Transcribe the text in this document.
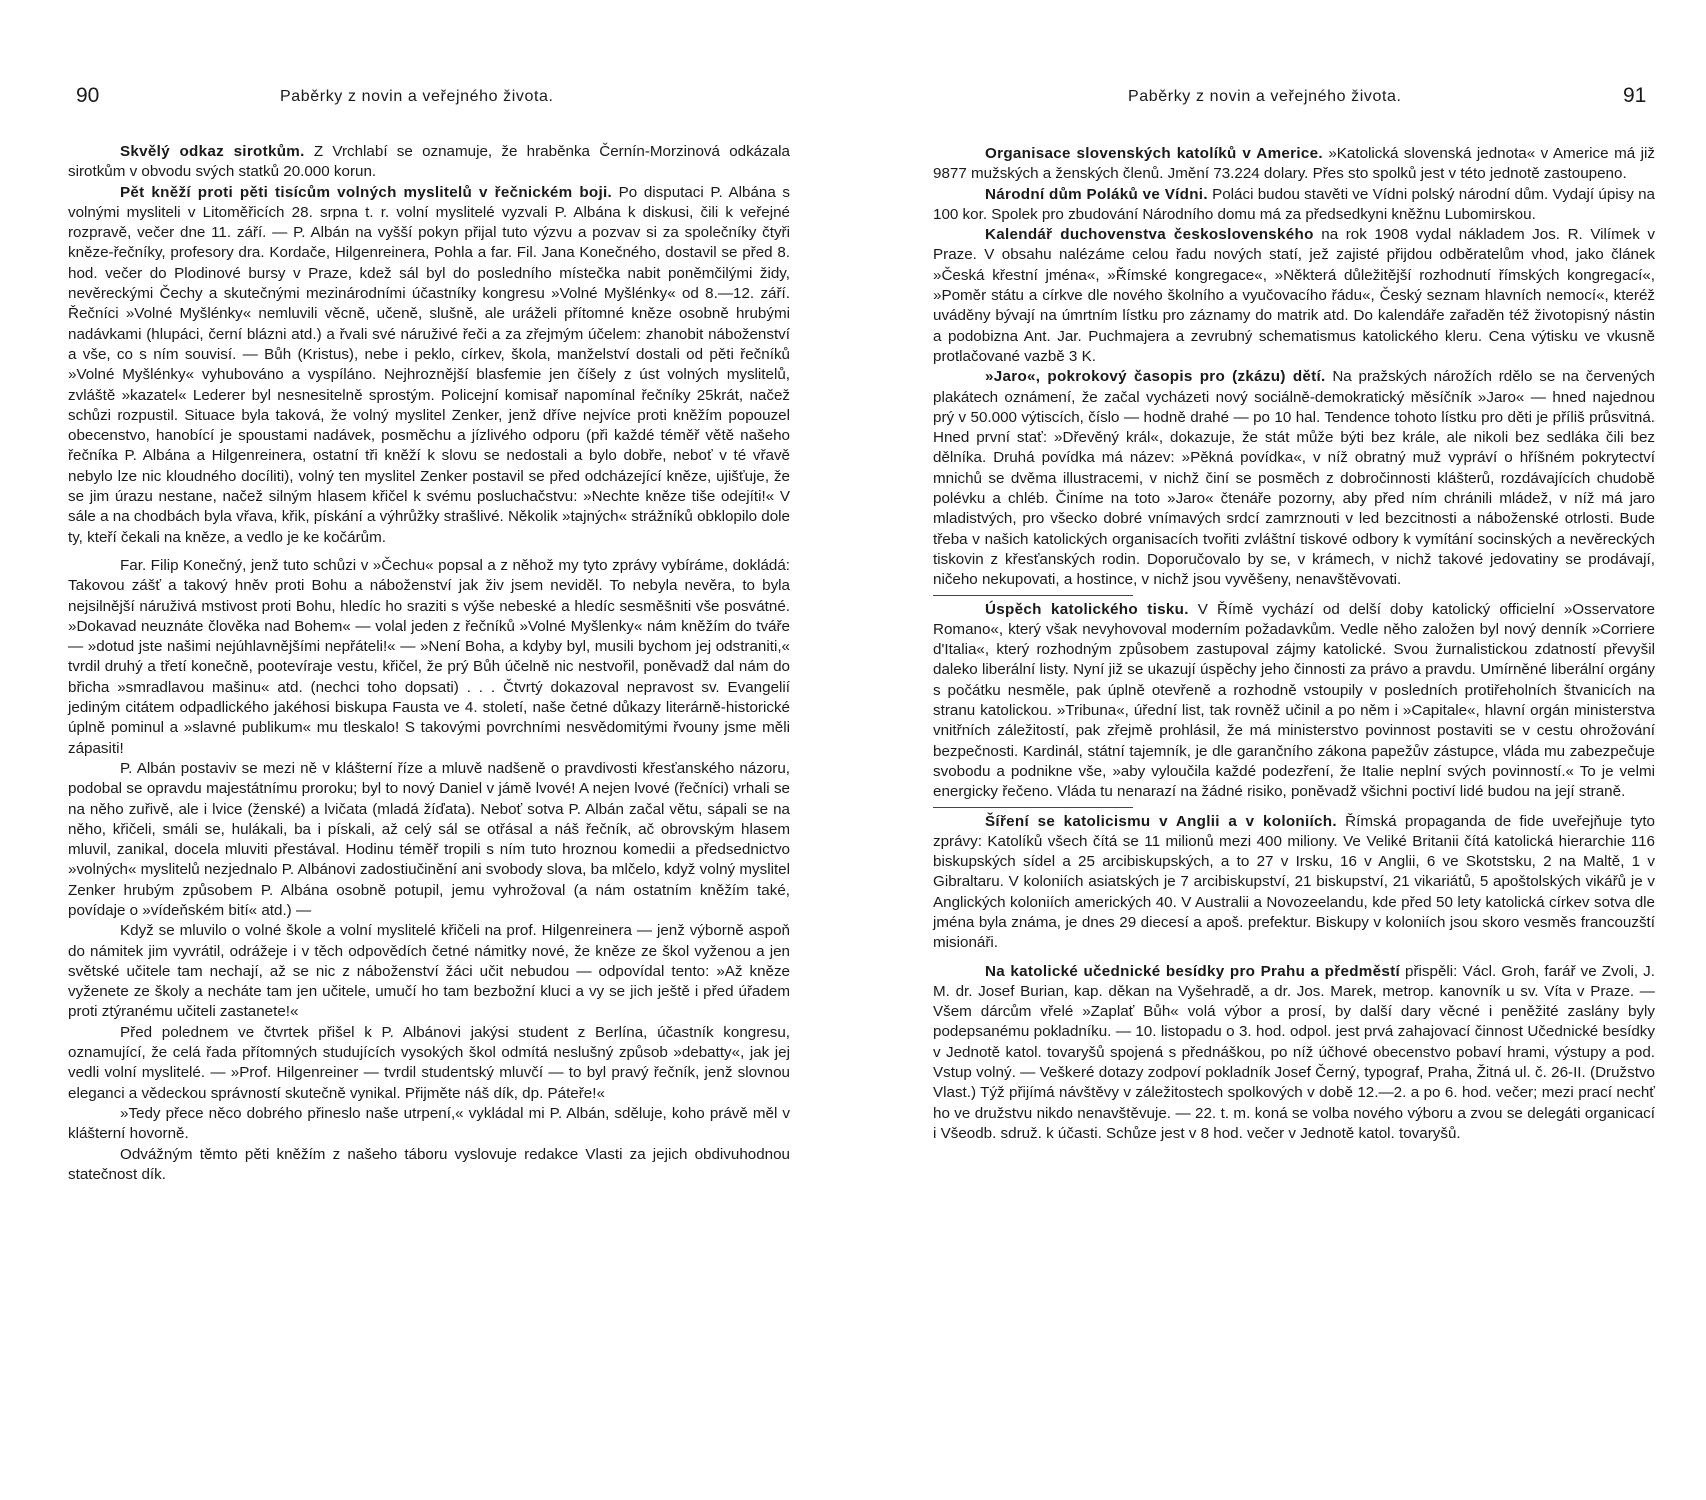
90	Paběrky z novin a veřejného života.

Skvělý odkaz sirotkům. Z Vrchlabí se oznamuje, že hraběnka Černín-Morzinová odkázala sirotkům v obvodu svých statků 20.000 korun.

Pět kněží proti pěti tisícům volných myslitelů v řečnickém boji. Po disputaci P. Albána s volnými mysliteli v Litoměřicích 28. srpna t. r. volní myslitelé vyzvali P. Albána k diskusi, čili k veřejné rozpravě, večer dne 11. září. — P. Albán na vyšší pokyn přijal tuto výzvu a pozvav si za společníky čtyři kněze-řečníky, profesory dra. Kordače, Hilgenreinera, Pohla a far. Fil. Jana Konečného, dostavil se před 8. hod. večer do Plodinové bursy v Praze, kdež sál byl do posledního místečka nabit poněmčilými židy, nevěreckými Čechy a skutečnými mezinárodními účastníky kongresu »Volné Myšlénky« od 8.—12. září. Řečníci »Volné Myšlénky« nemluvili věcně, učeně, slušně, ale uráželi přítomné kněze osobně hrubými nadávkami (hlupáci, černí blázni atd.) a řvali své náruživé řeči a za zřejmým účelem: zhanobit náboženství a vše, co s ním souvisí. — Bůh (Kristus), nebe i peklo, církev, škola, manželství dostali od pěti řečníků »Volné Myšlénky« vyhubováno a vyspíláno. Nejhroznější blasfemie jen číšely z úst volných myslitelů, zvláště »kazatel« Lederer byl nesnesitelně sprostým. Policejní komisař napomínal řečníky 25krát, načež schůzi rozpustil. Situace byla taková, že volný myslitel Zenker, jenž dříve nejvíce proti kněžím popouzel obecenstvo, hanobící je spoustami nadávek, posměchu a jízlivého odporu (při každé téměř větě našeho řečníka P. Albána a Hilgenreinera, ostatní tři kněží k slovu se nedostali a bylo dobře, neboť v té vřavě nebylo lze nic kloudného docíliti), volný ten myslitel Zenker postavil se před odcházející kněze, ujišťuje, že se jim úrazu nestane, načež silným hlasem křičel k svému posluchačstvu: »Nechte kněze tiše odejíti!« V sále a na chodbách byla vřava, křik, pískání a výhrůžky strašlivé. Několik »tajných« strážníků obklopilo dole ty, kteří čekali na kněze, a vedlo je ke kočárům.

Far. Filip Konečný, jenž tuto schůzi v »Čechu« popsal a z něhož my tyto zprávy vybíráme, dokládá: Takovou zášť a takový hněv proti Bohu a náboženství jak živ jsem neviděl. To nebyla nevěra, to byla nejsilnější náruživá mstivost proti Bohu, hledíc ho sraziti s výše nebeské a hledíc sesměšniti vše posvátné. »Dokavad neuznáte člověka nad Bohem« — volal jeden z řečníků »Volné Myšlenky« nám kněžím do tváře — »dotud jste našimi nejúhlavnějšími nepřáteli!« — »Není Boha, a kdyby byl, musili bychom jej odstraniti,« tvrdil druhý a třetí konečně, pootevíraje vestu, křičel, že prý Bůh účelně nic nestvořil, poněvadž dal nám do břicha »smradlavou mašinu« atd. (nechci toho dopsati) . . . Čtvrtý dokazoval nepravost sv. Evangelií jediným citátem odpadlického jakéhosi biskupa Fausta ve 4. století, naše četné důkazy literárně-historické úplně pominul a »slavné publikum« mu tleskalo! S takovými povrchními nesvědomitými řvouny jsme měli zápasiti!

P. Albán postaviv se mezi ně v klášterní říze a mluvě nadšeně o pravdivosti křesťanského názoru, podobal se opravdu majestátnímu proroku; byl to nový Daniel v jámě lvové! A nejen lvové (řečníci) vrhali se na něho zuřivě, ale i lvice (ženské) a lvičata (mladá žíďata). Neboť sotva P. Albán začal větu, sápali se na něho, křičeli, smáli se, hulákali, ba i pískali, až celý sál se otřásal a náš řečník, ač obrovským hlasem mluvil, zanikal, docela mluviti přestával. Hodinu téměř tropili s ním tuto hroznou komedii a předsednictvo »volných« myslitelů nezjednalo P. Albánovi zadostiučinění ani svobody slova, ba mlčelo, když volný myslitel Zenker hrubým způsobem P. Albána osobně potupil, jemu vyhrožoval (a nám ostatním kněžím také, povídaje o »vídeňském bití« atd.) —

Když se mluvilo o volné škole a volní myslitelé křičeli na prof. Hilgenreinera — jenž výborně aspoň do námitek jim vyvrátil, odrážeje i v těch odpovědích četné námitky nové, že kněze ze škol vyženou a jen světské učitele tam nechají, až se nic z náboženství žáci učit nebudou — odpovídal tento: »Až kněze vyženete ze školy a necháte tam jen učitele, umučí ho tam bezbožní kluci a vy se jich ještě i před úřadem proti ztýranému učiteli zastanete!«

Před polednem ve čtvrtek přišel k P. Albánovi jakýsi student z Berlína, účastník kongresu, oznamující, že celá řada přítomných studujících vysokých škol odmítá neslušný způsob »debatty«, jak jej vedli volní myslitelé. — »Prof. Hilgenreiner — tvrdil studentský mluvčí — to byl pravý řečník, jenž slovnou eleganci a vědeckou správností skutečně vynikal. Přijměte náš dík, dp. Páteře!«

»Tedy přece něco dobrého přineslo naše utrpení,« vykládal mi P. Albán, sděluje, koho právě měl v klášterní hovorně.

Odvážným těmto pěti kněžím z našeho táboru vyslovuje redakce Vlasti za jejich obdivuhodnou statečnost dík.

Paběrky z novin a veřejného života.	91

Organisace slovenských katolíků v Americe. »Katolická slovenská jednota« v Americe má již 9877 mužských a ženských členů. Jmění 73.224 dolary. Přes sto spolků jest v této jednotě zastoupeno.

Národní dům Poláků ve Vídni. Poláci budou stavěti ve Vídni polský národní dům. Vydají úpisy na 100 kor. Spolek pro zbudování Národního domu má za předsedkyni kněžnu Lubomirskou.

Kalendář duchovenstva československého na rok 1908 vydal nákladem Jos. R. Vilímek v Praze. V obsahu nalézáme celou řadu nových statí, jež zajisté přijdou odběratelům vhod, jako článek »Česká křestní jména«, »Římské kongregace«, »Některá důležitější rozhodnutí římských kongregací«, »Poměr státu a církve dle nového školního a vyučovacího řádu«, Český seznam hlavních nemocí«, kteréž uváděny bývají na úmrtním lístku pro záznamy do matrik atd. Do kalendáře zařaděn též životopisný nástin a podobizna Ant. Jar. Puchmajera a zevrubný schematismus katolického kleru. Cena výtisku ve vkusně protlačované vazbě 3 K.

»Jaro«, pokrokový časopis pro (zkázu) dětí. Na pražských nárožích rdělo se na červených plakátech oznámení, že začal vycházeti nový sociálně-demokratický měsíčník »Jaro« — hned najednou prý v 50.000 výtiscích, číslo — hodně drahé — po 10 hal. Tendence tohoto lístku pro děti je příliš průsvitná. Hned první stať: »Dřevěný král«, dokazuje, že stát může býti bez krále, ale nikoli bez sedláka čili bez dělníka. Druhá povídka má název: »Pěkná povídka«, v níž obratný muž vypráví o hříšném pokrytectví mnichů se dvěma illustracemi, v nichž činí se posměch z dobročinnosti klášterů, rozdávajících chudobě polévku a chléb. Činíme na toto »Jaro« čtenáře pozorny, aby před ním chránili mládež, v níž má jaro mladistvých, pro všecko dobré vnímavých srdcí zamrznouti v led bezcitnosti a náboženské otrlosti. Bude třeba v našich katolických organisacích tvořiti zvláštní tiskové odbory k vymítání socinských a nevěreckých tiskovin z křesťanských rodin. Doporučovalo by se, v krámech, v nichž takové jedovatiny se prodávají, ničeho nekupovati, a hostince, v nichž jsou vyvěšeny, nenavštěvovati.

Úspěch katolického tisku. V Římě vychází od delší doby katolický officielní »Osservatore Romano«, který však nevyhovoval moderním požadavkům. Vedle něho založen byl nový denník »Corriere d'Italia«, který rozhodným způsobem zastupoval zájmy katolické. Svou žurnalistickou zdatností převyšil daleko liberální listy. Nyní již se ukazují úspěchy jeho činnosti za právo a pravdu. Umírněné liberální orgány s počátku nesměle, pak úplně otevřeně a rozhodně vstoupily v posledních protiřeholních štvanicích na stranu katolickou. »Tribuna«, úřední list, tak rovněž učinil a po něm i »Capitale«, hlavní orgán ministerstva vnitřních záležitostí, pak zřejmě prohlásil, že má ministerstvo povinnost postaviti se v cestu ohrožování bezpečnosti. Kardinál, státní tajemník, je dle garančního zákona papežův zástupce, vláda mu zabezpečuje svobodu a podnikne vše, »aby vyloučila každé podezření, že Italie neplní svých povinností.« To je velmi energicky řečeno. Vláda tu nenarazí na žádné risiko, poněvadž všichni poctiví lidé budou na její straně.

Šíření se katolicismu v Anglii a v koloniích. Římská propaganda de fide uveřejňuje tyto zprávy: Katolíků všech čítá se 11 milionů mezi 400 miliony. Ve Veliké Britanii čítá katolická hierarchie 116 biskupských sídel a 25 arcibiskupských, a to 27 v Irsku, 16 v Anglii, 6 ve Skotstsku, 2 na Maltě, 1 v Gibraltaru. V koloniích asiatských je 7 arcibiskupství, 21 biskupství, 21 vikariátů, 5 apoštolských vikářů je v Anglických koloniích amerických 40. V Australii a Novozeelandu, kde před 50 lety katolická církev sotva dle jména byla známa, je dnes 29 diecesí a apoš. prefektur. Biskupy v koloniích jsou skoro vesměs francouzští misionáři.

Na katolické učednické besídky pro Prahu a předměstí přispěli: Václ. Groh, farář ve Zvoli, J. M. dr. Josef Burian, kap. děkan na Vyšehradě, a dr. Jos. Marek, metrop. kanovník u sv. Víta v Praze. — Všem dárcům vřelé »Zaplať Bůh« volá výbor a prosí, by další dary věcné i peněžité zaslány byly podepsanému pokladníku. — 10. listopadu o 3. hod. odpol. jest prvá zahajovací činnost Učednické besídky v Jednotě katol. tovaryšů spojená s přednáškou, po níž účhové obecenstvo pobaví hrami, výstupy a pod. Vstup volný. — Veškeré dotazy zodpoví pokladník Josef Černý, typograf, Praha, Žitná ul. č. 26-II. (Družstvo Vlast.) Týž přijímá návštěvy v záležitostech spolkových v době 12.—2. a po 6. hod. večer; mezi prací nechť ho ve družstvu nikdo nenavštěvuje. — 22. t. m. koná se volba nového výboru a zvou se delegáti organicací i Všeodb. sdruž. k účasti. Schůze jest v 8 hod. večer v Jednotě katol. tovaryšů.
